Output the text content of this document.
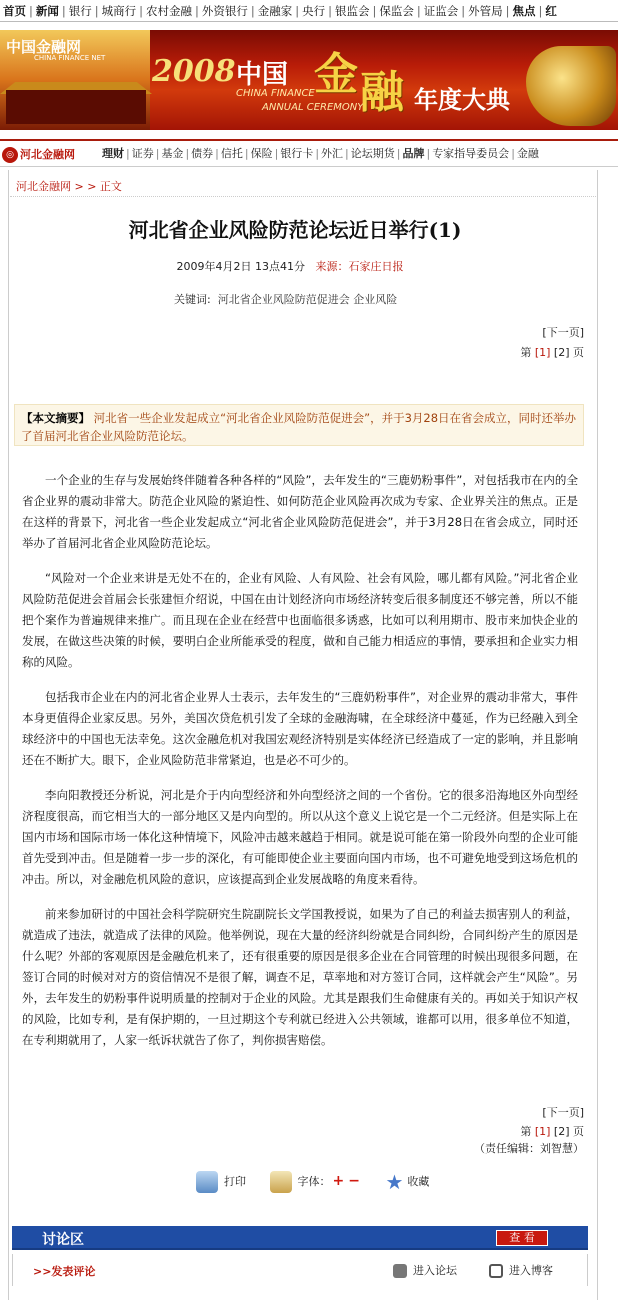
首页 | 新闻 | 银行 | 城商行 | 农村金融 | 外资银行 | 金融家 | 央行 | 银监会 | 保监会 | 证监会 | 外管局 | 焦点 | 红
中国金融网
CHINA FINANCE NET 2008 中国
CHINA FINANCE
ANNUAL CEREMONY
金 融 年度大典
◎ 河北金融网	理财 | 证券 | 基金 | 债券 | 信托 | 保险 | 银行卡 | 外汇 | 论坛期货 | 品牌 | 专家指导委员会 | 金融
河北金融网 > > 正文
河北省企业风险防范论坛近日举行(1)
2009年4月2日 13点41分 来源：石家庄日报
关键词: 河北省企业风险防范促进会 企业风险
[下一页]
第 [1] [2] 页
【本文摘要】 河北省一些企业发起成立“河北省企业风险防范促进会”，并于3月28日在省会成立，同时还举办了首届河北省企业风险防范论坛。

一个企业的生存与发展始终伴随着各种各样的“风险”，去年发生的“三鹿奶粉事件”，对包括我市在内的全省企业界的震动非常大。防范企业风险的紧迫性、如何防范企业风险再次成为专家、企业界关注的焦点。正是在这样的背景下，河北省一些企业发起成立“河北省企业风险防范促进会”，并于3月28日在省会成立，同时还举办了首届河北省企业风险防范论坛。

“风险对一个企业来讲是无处不在的，企业有风险、人有风险、社会有风险，哪儿都有风险。”河北省企业风险防范促进会首届会长张建恒介绍说，中国在由计划经济向市场经济转变后很多制度还不够完善，所以不能把个案作为普遍规律来推广。而且现在企业在经营中也面临很多诱惑，比如可以利用期市、股市来加快企业的发展，在做这些决策的时候，要明白企业所能承受的程度，做和自己能力相适应的事情，要承担和企业实力相称的风险。

包括我市企业在内的河北省企业界人士表示，去年发生的“三鹿奶粉事件”，对企业界的震动非常大，事件本身更值得企业家反思。另外，美国次贷危机引发了全球的金融海啸，在全球经济中蔓延，作为已经融入到全球经济中的中国也无法幸免。这次金融危机对我国宏观经济特别是实体经济已经造成了一定的影响，并且影响还在不断扩大。眼下，企业风险防范非常紧迫，也是必不可少的。

李向阳教授还分析说，河北是介于内向型经济和外向型经济之间的一个省份。它的很多沿海地区外向型经济程度很高，而它相当大的一部分地区又是内向型的。所以从这个意义上说它是一个二元经济。但是实际上在国内市场和国际市场一体化这种情境下，风险冲击越来越趋于相同。就是说可能在第一阶段外向型的企业可能首先受到冲击。但是随着一步一步的深化，有可能即使企业主要面向国内市场，也不可避免地受到这场危机的冲击。所以，对金融危机风险的意识，应该提高到企业发展战略的角度来看待。

前来参加研讨的中国社会科学院研究生院副院长文学国教授说，如果为了自己的利益去损害别人的利益，就造成了违法，就造成了法律的风险。他举例说，现在大量的经济纠纷就是合同纠纷，合同纠纷产生的原因是什么呢？外部的客观原因是金融危机来了，还有很重要的原因是很多企业在合同管理的时候出现很多问题，在签订合同的时候对对方的资信情况不是很了解，调查不足，草率地和对方签订合同，这样就会产生“风险”。另外，去年发生的奶粉事件说明质量的控制对于企业的风险。尤其是跟我们生命健康有关的。再如关于知识产权的风险，比如专利，是有保护期的，一旦过期这个专利就已经进入公共领域，谁都可以用，很多单位不知道，在专利期就用了，人家一纸诉状就告了你了，判你损害赔偿。

[下一页]
第 [1] [2] 页
（责任编辑：刘智慧）
打印	字体： + − ★ 收藏
讨论区	查 看
>>发表评论	进入论坛	进入博客
